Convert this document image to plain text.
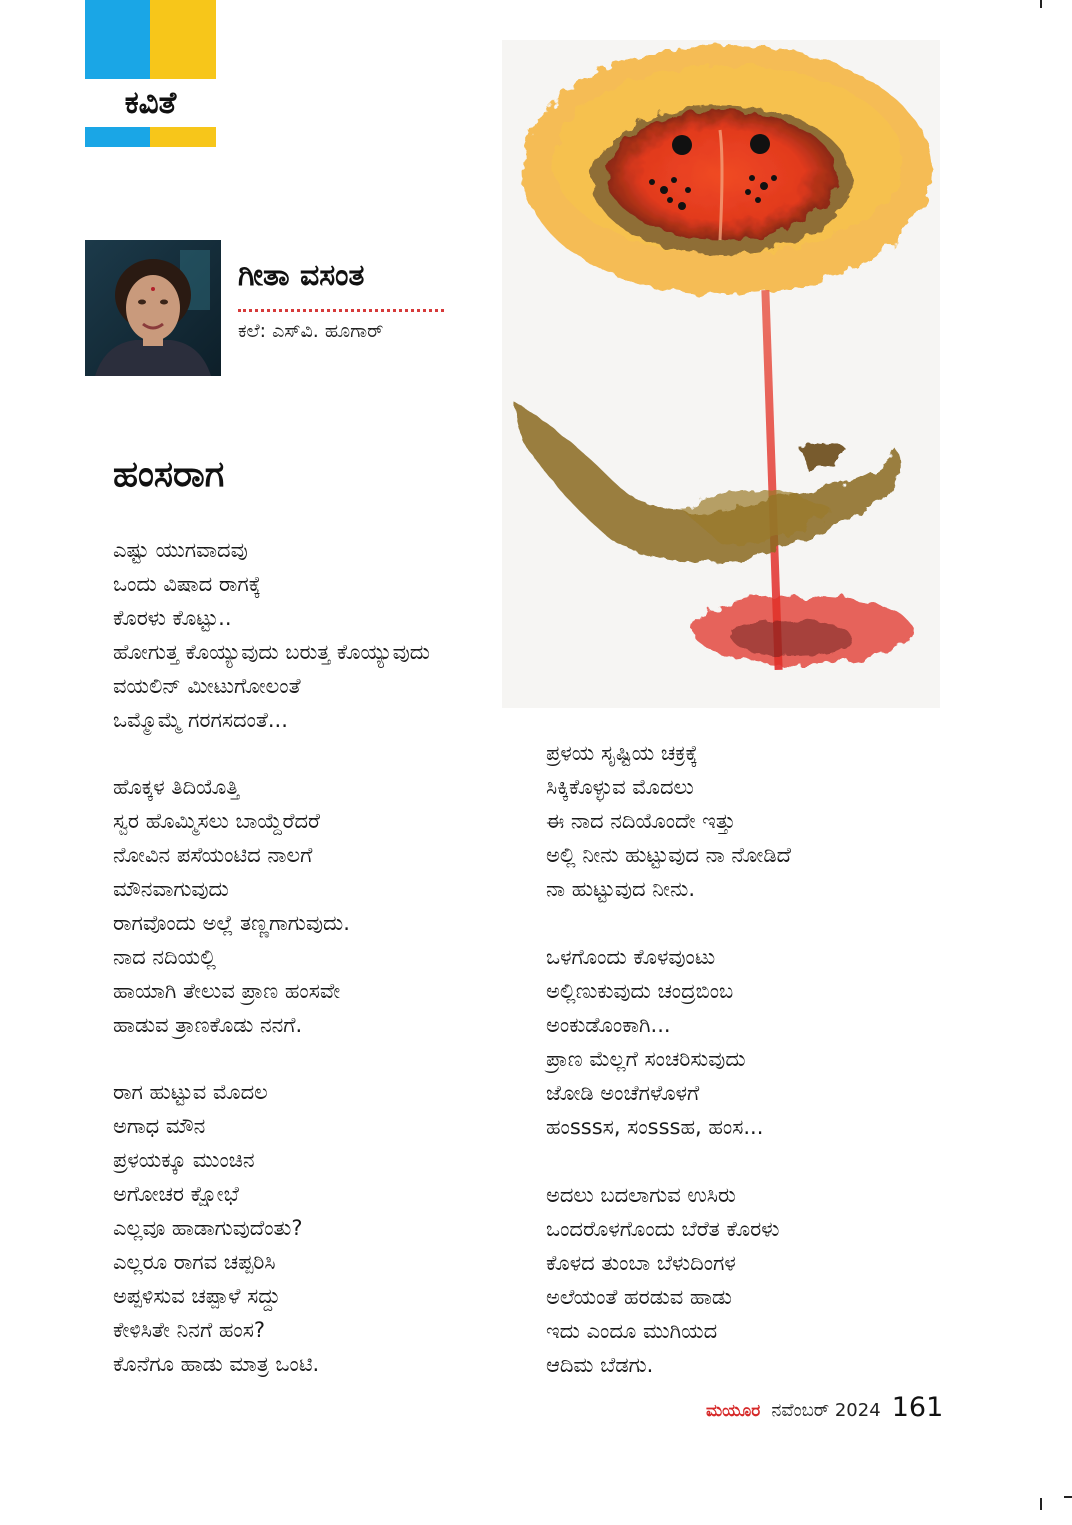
ಕವಿತೆ
ಗೀತಾ ವಸಂತ
ಕಲೆ: ಎಸ್‌ವಿ. ಹೂಗಾರ್
ಹಂಸರಾಗ
ಎಷ್ಟು ಯುಗವಾದವು
ಒಂದು ವಿಷಾದ ರಾಗಕ್ಕೆ
ಕೊರಳು ಕೊಟ್ಟು..
ಹೋಗುತ್ತ ಕೊಯ್ಯುವುದು ಬರುತ್ತ ಕೊಯ್ಯುವುದು
ವಯಲಿನ್ ಮೀಟುಗೋಲಂತೆ
ಒಮ್ಮೊಮ್ಮೆ ಗರಗಸದಂತೆ...
ಹೊಕ್ಕಳ ತಿದಿಯೊತ್ತಿ
ಸ್ವರ ಹೊಮ್ಮಿಸಲು ಬಾಯ್ದೆರೆದರೆ
ನೋವಿನ ಪಸೆಯಂಟಿದ ನಾಲಗೆ
ಮೌನವಾಗುವುದು
ರಾಗವೊಂದು ಅಲ್ಲೆ ತಣ್ಣಗಾಗುವುದು.
ನಾದ ನದಿಯಲ್ಲಿ
ಹಾಯಾಗಿ ತೇಲುವ ಪ್ರಾಣ ಹಂಸವೇ
ಹಾಡುವ ತ್ರಾಣಕೊಡು ನನಗೆ.
ರಾಗ ಹುಟ್ಟುವ ಮೊದಲ
ಅಗಾಧ ಮೌನ
ಪ್ರಳಯಕ್ಕೂ ಮುಂಚಿನ
ಅಗೋಚರ ಕ್ಷೋಭೆ
ಎಲ್ಲವೂ ಹಾಡಾಗುವುದೆಂತು?
ಎಲ್ಲರೂ ರಾಗವ ಚಪ್ಪರಿಸಿ
ಅಪ್ಪಳಿಸುವ ಚಪ್ಪಾಳೆ ಸದ್ದು
ಕೇಳಿಸಿತೇ ನಿನಗೆ ಹಂಸ?
ಕೊನೆಗೂ ಹಾಡು ಮಾತ್ರ ಒಂಟಿ.
ಪ್ರಳಯ ಸೃಷ್ಟಿಯ ಚಕ್ರಕ್ಕೆ
ಸಿಕ್ಕಿಕೊಳ್ಳುವ ಮೊದಲು
ಈ ನಾದ ನದಿಯೊಂದೇ ಇತ್ತು
ಅಲ್ಲಿ ನೀನು ಹುಟ್ಟುವುದ ನಾ ನೋಡಿದೆ
ನಾ ಹುಟ್ಟುವುದ ನೀನು.
ಒಳಗೊಂದು ಕೊಳವುಂಟು
ಅಲ್ಲಿಣುಕುವುದು ಚಂದ್ರಬಿಂಬ
ಅಂಕುಡೊಂಕಾಗಿ...
ಪ್ರಾಣ ಮೆಲ್ಲಗೆ ಸಂಚರಿಸುವುದು
ಜೋಡಿ ಅಂಚೆಗಳೊಳಗೆ
ಹಂsssಸ, ಸಂsssಹ, ಹಂಸ...
ಅದಲು ಬದಲಾಗುವ ಉಸಿರು
ಒಂದರೊಳಗೊಂದು ಬೆರೆತ ಕೊರಳು
ಕೊಳದ ತುಂಬಾ ಬೆಳುದಿಂಗಳ
ಅಲೆಯಂತೆ ಹರಡುವ ಹಾಡು
ಇದು ಎಂದೂ ಮುಗಿಯದ
ಆದಿಮ ಬೆಡಗು.
ಮಯೂರ ನವೆಂಬರ್ 2024 161
